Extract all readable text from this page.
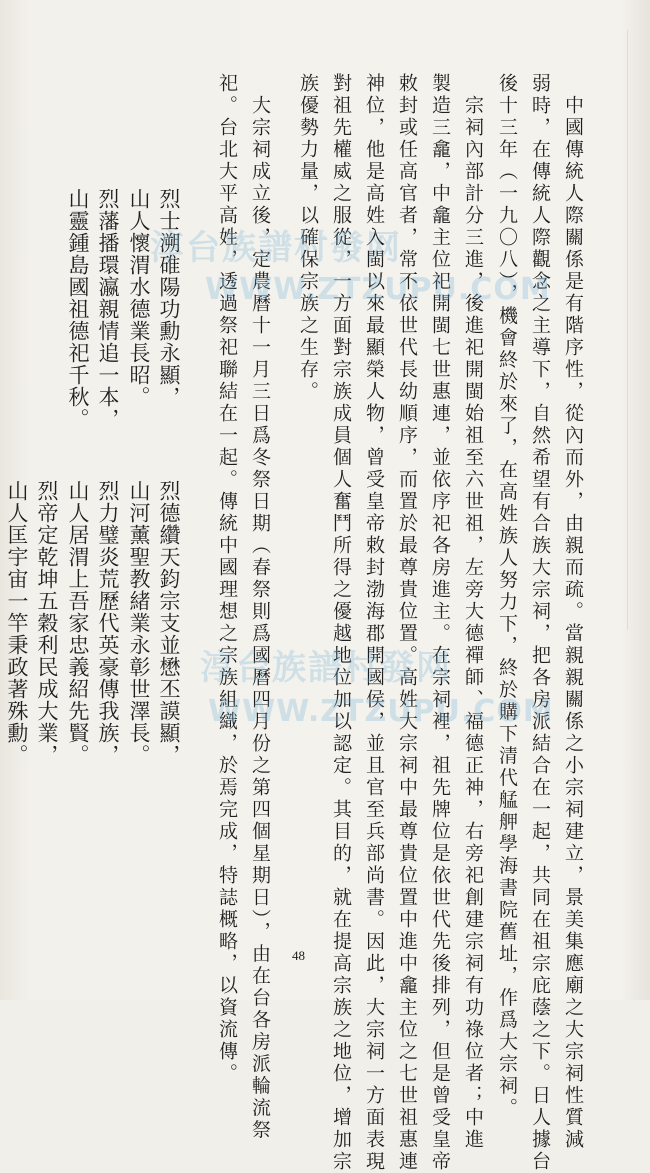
中國傳統人際關係是有階序性，從內而外，由親而疏。當親親關係之小宗祠建立，景美集應廟之大宗祠性質減
弱時，在傳統人際觀念之主導下，自然希望有合族大宗祠，把各房派結合在一起，共同在祖宗庇蔭之下。日人據台
後十三年（一九〇八），機會終於來了，在高姓族人努力下，終於購下清代艋舺學海書院舊址，作爲大宗祠。
宗祠內部計分三進，後進祀開閩始祖至六世祖，左旁大德禪師、福德正神，右旁祀創建宗祠有功祿位者；中進
製造三龕，中龕主位祀開閩七世惠連，並依序祀各房進主。在宗祠裡，祖先牌位是依世代先後排列，但是曾受皇帝
敕封或任高官者，常不依世代長幼順序，而置於最尊貴位置。高姓大宗祠中最尊貴位置中進中龕主位之七世祖惠連
神位，他是高姓入閩以來最顯榮人物，曾受皇帝敕封渤海郡開國侯，並且官至兵部尚書。因此，大宗祠一方面表現
對祖先權威之服從，一方面對宗族成員個人奮鬥所得之優越地位加以認定。其目的，就在提高宗族之地位，增加宗
族優勢力量，以確保宗族之生存。
大宗祠成立後，定農曆十一月三日爲冬祭日期（春祭則爲國曆四月份之第四個星期日），由在台各房派輪流祭
祀。台北大平高姓，透過祭祀聯結在一起。傳統中國理想之宗族組織，於焉完成，特誌概略，以資流傳。
烈士溯碓陽功勳永顯，
烈德纘天鈞宗支並懋丕謨顯，
山人懷渭水德業長昭。
山河薰聖教緒業永彰世澤長。
烈藩播環瀛親情追一本，
烈力璧炎荒歷代英豪傳我族，
山靈鍾島國祖德祀千秋。
山人居渭上吾家忠義紹先賢。
烈帝定乾坤五穀利民成大業，
山人匡宇宙一竿秉政著殊勳。
48
淳台族譜村發网
WWW.ZTZUPU.COM
淳台族譜村發网
WWW.ZTZUPU.COM
